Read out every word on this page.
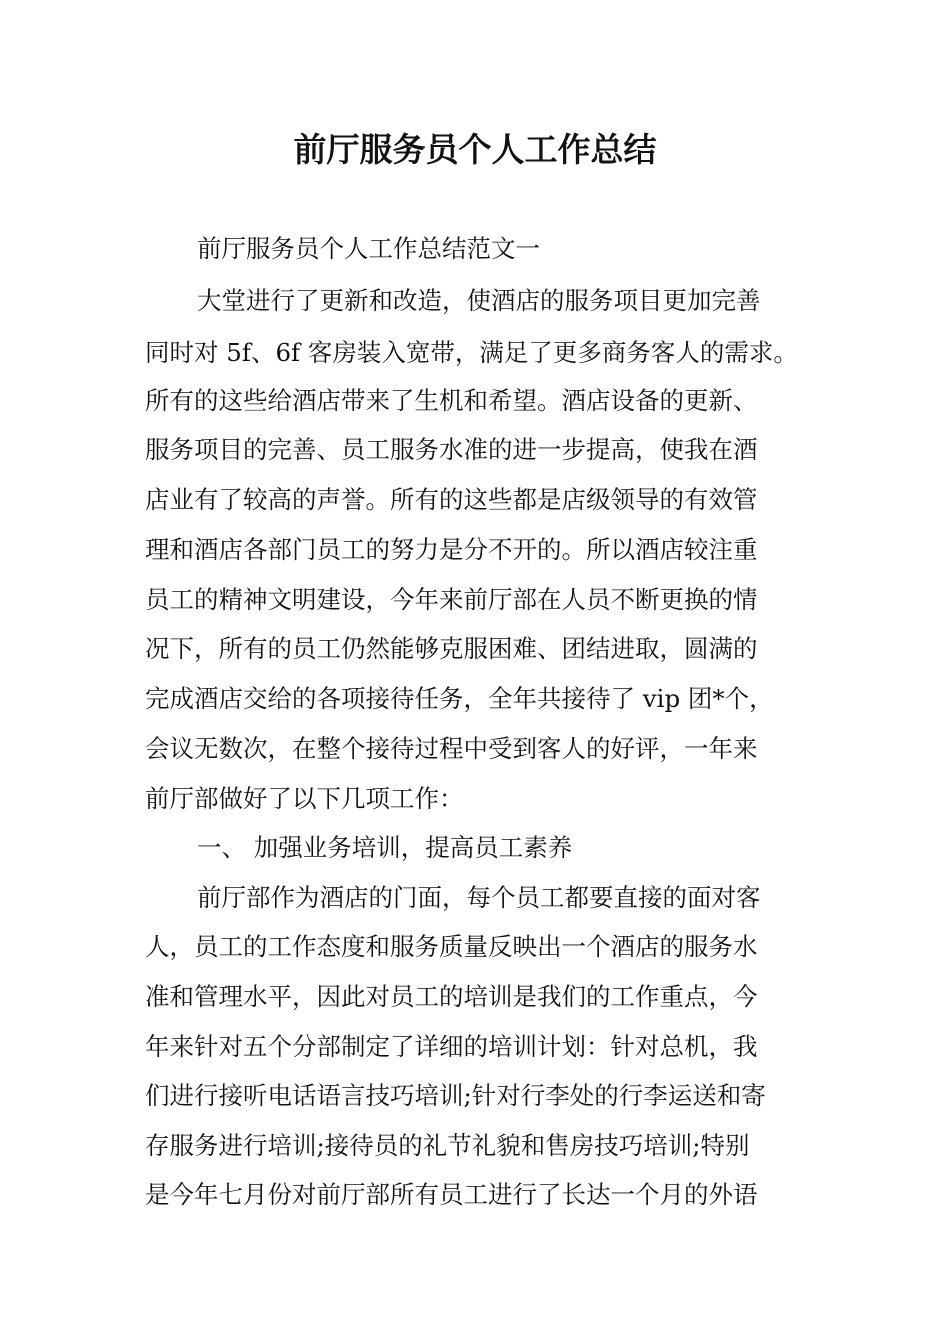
前厅服务员个人工作总结
前厅服务员个人工作总结范文一
大堂进行了更新和改造，使酒店的服务项目更加完善
同时对 5f、6f 客房装入宽带，满足了更多商务客人的需求。
所有的这些给酒店带来了生机和希望。酒店设备的更新、
服务项目的完善、员工服务水准的进一步提高，使我在酒
店业有了较高的声誉。所有的这些都是店级领导的有效管
理和酒店各部门员工的努力是分不开的。所以酒店较注重
员工的精神文明建设，今年来前厅部在人员不断更换的情
况下，所有的员工仍然能够克服困难、团结进取，圆满的
完成酒店交给的各项接待任务，全年共接待了 vip 团*个，
会议无数次，在整个接待过程中受到客人的好评，一年来
前厅部做好了以下几项工作：
一、 加强业务培训，提高员工素养
前厅部作为酒店的门面，每个员工都要直接的面对客
人，员工的工作态度和服务质量反映出一个酒店的服务水
准和管理水平，因此对员工的培训是我们的工作重点，今
年来针对五个分部制定了详细的培训计划：针对总机，我
们进行接听电话语言技巧培训;针对行李处的行李运送和寄
存服务进行培训;接待员的礼节礼貌和售房技巧培训;特别
是今年七月份对前厅部所有员工进行了长达一个月的外语
